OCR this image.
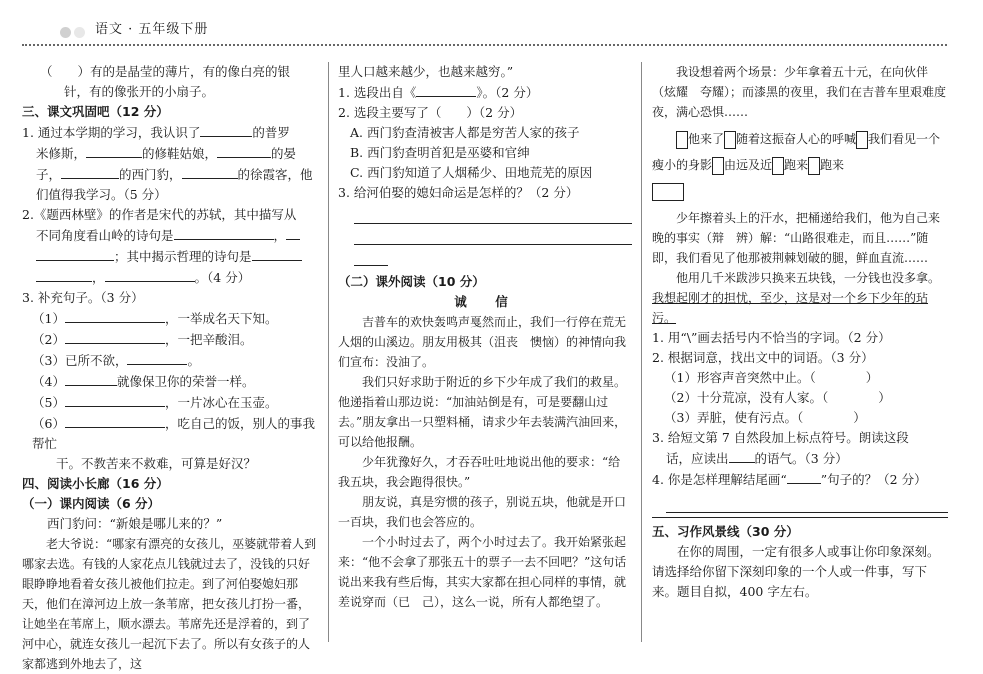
语文 · 五年级下册

（　　）有的是晶莹的薄片，有的像白亮的银

针，有的像张开的小扇子。

三、课文巩固吧（12 分）

1. 通过本学期的学习，我认识了	的普罗

米修斯，	的修鞋姑娘，	的晏

子，	的西门豹，	的徐霞客，他

们值得我学习。（5 分）

2.《题西林壁》的作者是宋代的苏轼，其中描写从

不同角度看山岭的诗句是	，

；其中揭示哲理的诗句是

，	。（4 分）

3. 补充句子。（3 分）

（1）	，一举成名天下知。

（2）	，一把辛酸泪。

（3）已所不欲，	。

（4）	就像保卫你的荣誉一样。

（5）	，一片冰心在玉壶。

（6）	，吃自己的饭，别人的事我帮忙

干。不教苦来不救难，可算是好汉？

四、阅读小长廊（16 分）

（一）课内阅读（6 分）

西门豹问：“新娘是哪儿来的？”

老大爷说：“哪家有漂亮的女孩儿，巫婆就带着人到哪家去选。有钱的人家花点儿钱就过去了，没钱的只好眼睁睁地看着女孩儿被他们拉走。到了河伯娶媳妇那天，他们在漳河边上放一条苇席，把女孩儿打扮一番，让她坐在苇席上，顺水漂去。苇席先还是浮着的，到了河中心，就连女孩儿一起沉下去了。所以有女孩子的人家都逃到外地去了，这

里人口越来越少，也越来越穷。”

1. 选段出自《	》。（2 分）

2. 选段主要写了（　　）（2 分）

A. 西门豹查清被害人都是穷苦人家的孩子

B. 西门豹查明首犯是巫婆和官绅

C. 西门豹知道了人烟稀少、田地荒芜的原因

3. 给河伯娶的媳妇命运是怎样的？（2 分）

（二）课外阅读（10 分）

诚　信

吉普车的欢快轰鸣声戛然而止，我们一行停在荒无人烟的山溪边。朋友用极其（沮丧　懊恼）的神情向我们宣布：没油了。

我们只好求助于附近的乡下少年成了我们的救星。他递指着山那边说：“加油站倒是有，可是要翻山过去。”朋友拿出一只塑料桶，请求少年去装满汽油回来，可以给他报酬。

少年犹豫好久，才吞吞吐吐地说出他的要求：“给我五块，我会跑得很快。”

朋友说，真是穷惯的孩子，别说五块，他就是开口一百块，我们也会答应的。

一个小时过去了，两个小时过去了。我开始紧张起来：“他不会拿了那张五十的票子一去不回吧？”这句话说出来我有些后悔，其实大家都在担心同样的事情，就差说穿而（已　己），这么一说，所有人都绝望了。

我设想着两个场景：少年拿着五十元，在向伙伴（炫耀　夸耀）；而漆黑的夜里，我们在吉普车里艰难度夜，满心恐惧……

他来了 随着这振奋人心的呼喊 我们看见一个瘦小的身影 由远及近 跑来 跑来

少年擦着头上的汗水，把桶递给我们，他为自己来晚的事实（辩　辨）解：“山路很难走，而且……”随即，我们看见了他那被荆棘划破的腿，鲜血直流……

他用几千米跋涉只换来五块钱，一分钱也没多拿。我想起刚才的担忧，至少，这是对一个乡下少年的玷污。

1. 用“\”画去括号内不恰当的字词。（2 分）

2. 根据词意，找出文中的词语。（3 分）

（1）形容声音突然中止。（　　　　）

（2）十分荒凉，没有人家。（　　　　）

（3）弄脏，使有污点。（　　　　）

3. 给短文第 7 自然段加上标点符号。朗读这段

话，应读出 的语气。（3 分）

4. 你是怎样理解结尾画“	”句子的？（2 分）

五、习作风景线（30 分）

在你的周围，一定有很多人或事让你印象深刻。请选择给你留下深刻印象的一个人或一件事，写下来。题目自拟，400 字左右。
